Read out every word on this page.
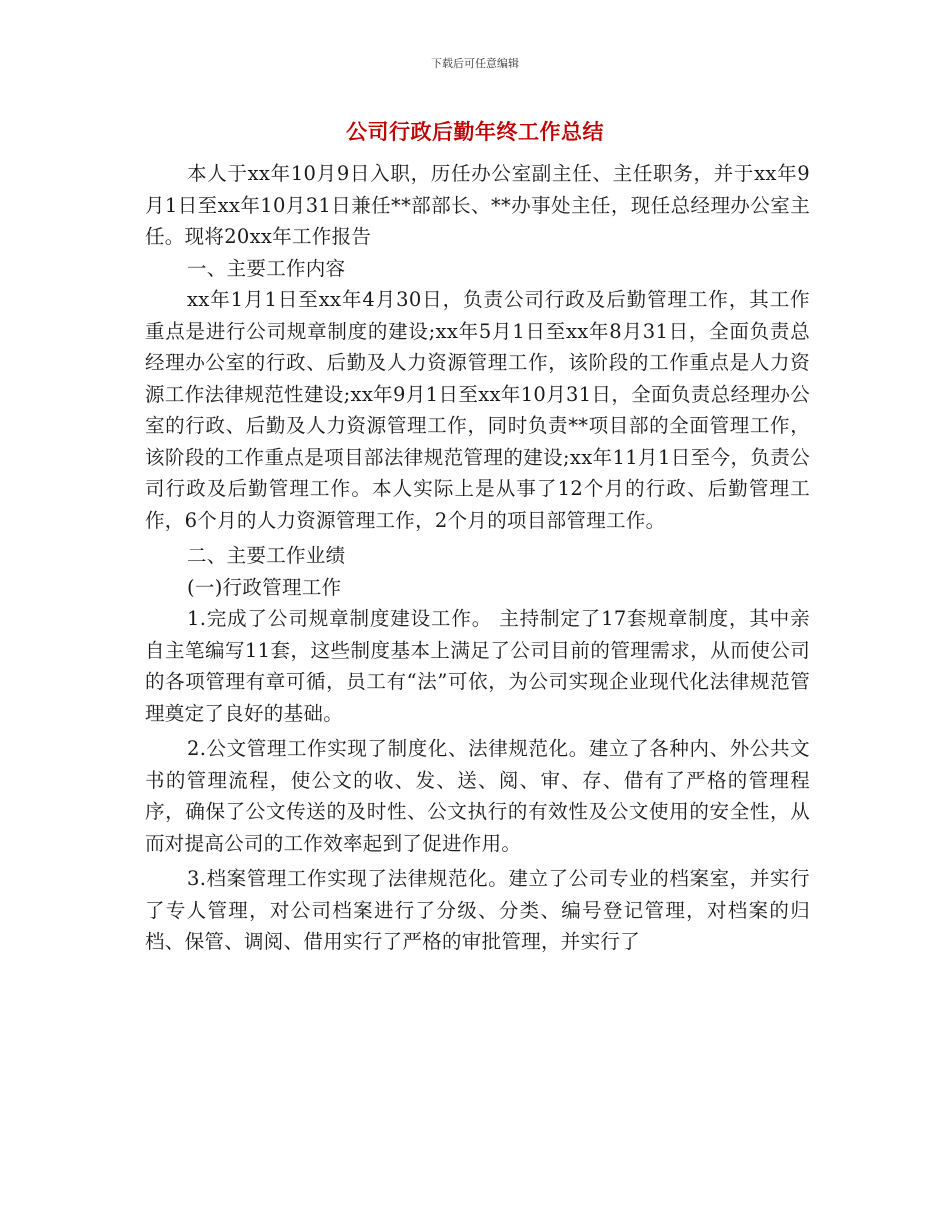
下载后可任意编辑
公司行政后勤年终工作总结

本人于xx年10月9日入职，历任办公室副主任、主任职务，并于xx年9月1日至xx年10月31日兼任**部部长、**办事处主任，现任总经理办公室主任。现将20xx年工作报告

一、主要工作内容

xx年1月1日至xx年4月30日，负责公司行政及后勤管理工作，其工作重点是进行公司规章制度的建设;xx年5月1日至xx年8月31日，全面负责总经理办公室的行政、后勤及人力资源管理工作，该阶段的工作重点是人力资源工作法律规范性建设;xx年9月1日至xx年10月31日，全面负责总经理办公室的行政、后勤及人力资源管理工作，同时负责**项目部的全面管理工作，该阶段的工作重点是项目部法律规范管理的建设;xx年11月1日至今，负责公司行政及后勤管理工作。本人实际上是从事了12个月的行政、后勤管理工作，6个月的人力资源管理工作，2个月的项目部管理工作。

二、主要工作业绩

(一)行政管理工作

1.完成了公司规章制度建设工作。 主持制定了17套规章制度，其中亲自主笔编写11套，这些制度基本上满足了公司目前的管理需求，从而使公司的各项管理有章可循，员工有“法”可依，为公司实现企业现代化法律规范管理奠定了良好的基础。

2.公文管理工作实现了制度化、法律规范化。建立了各种内、外公共文书的管理流程，使公文的收、发、送、阅、审、存、借有了严格的管理程序，确保了公文传送的及时性、公文执行的有效性及公文使用的安全性，从而对提高公司的工作效率起到了促进作用。

3.档案管理工作实现了法律规范化。建立了公司专业的档案室，并实行了专人管理，对公司档案进行了分级、分类、编号登记管理，对档案的归档、保管、调阅、借用实行了严格的审批管理，并实行了
